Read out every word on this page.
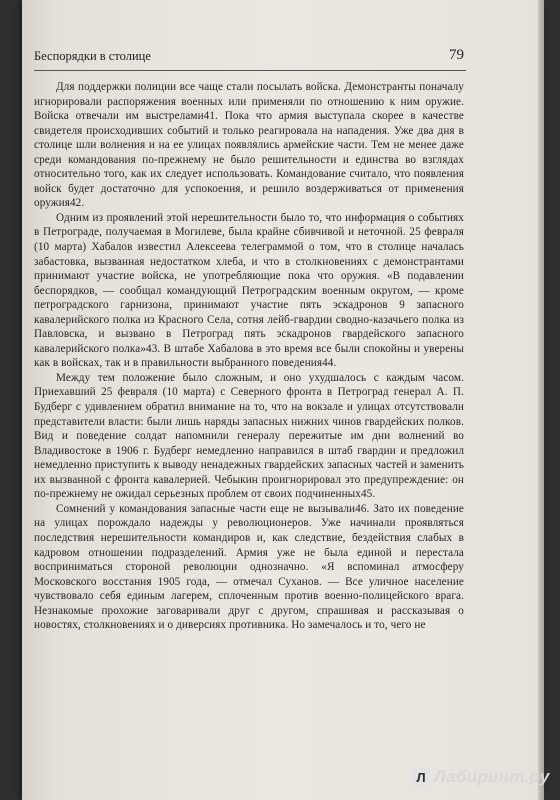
Беспорядки в столице	79

Для поддержки полиции все чаще стали посылать войска. Демонстранты поначалу игнорировали распоряжения военных или применяли по отношению к ним оружие. Войска отвечали им выстрелами41. Пока что армия выступала скорее в качестве свидетеля происходивших событий и только реагировала на нападения. Уже два дня в столице шли волнения и на ее улицах появлялись армейские части. Тем не менее даже среди командования по-прежнему не было решительности и единства во взглядах относительно того, как их следует использовать. Командование считало, что появления войск будет достаточно для успокоения, и решило воздерживаться от применения оружия42.

Одним из проявлений этой нерешительности было то, что информация о событиях в Петрограде, получаемая в Могилеве, была крайне сбивчивой и неточной. 25 февраля (10 марта) Хабалов известил Алексеева телеграммой о том, что в столице началась забастовка, вызванная недостатком хлеба, и что в столкновениях с демонстрантами принимают участие войска, не употребляющие пока что оружия. «В подавлении беспорядков, — сообщал командующий Петроградским военным округом, — кроме петроградского гарнизона, принимают участие пять эскадронов 9 запасного кавалерийского полка из Красного Села, сотня лейб-гвардии сводно-казачьего полка из Павловска, и вызвано в Петроград пять эскадронов гвардейского запасного кавалерийского полка»43. В штабе Хабалова в это время все были спокойны и уверены как в войсках, так и в правильности выбранного поведения44.

Между тем положение было сложным, и оно ухудшалось с каждым часом. Приехавший 25 февраля (10 марта) с Северного фронта в Петроград генерал А. П. Будберг с удивлением обратил внимание на то, что на вокзале и улицах отсутствовали представители власти: были лишь наряды запасных нижних чинов гвардейских полков. Вид и поведение солдат напомнили генералу пережитые им дни волнений во Владивостоке в 1906 г. Будберг немедленно направился в штаб гвардии и предложил немедленно приступить к выводу ненадежных гвардейских запасных частей и заменить их вызванной с фронта кавалерией. Чебыкин проигнорировал это предупреждение: он по-прежнему не ожидал серьезных проблем от своих подчиненных45.

Сомнений у командования запасные части еще не вызывали46. Зато их поведение на улицах порождало надежды у революционеров. Уже начинали проявляться последствия нерешительности командиров и, как следствие, бездействия слабых в кадровом отношении подразделений. Армия уже не была единой и перестала восприниматься стороной революции однозначно. «Я вспоминал атмосферу Московского восстания 1905 года, — отмечал Суханов. — Все уличное население чувствовало себя единым лагерем, сплоченным против военно-полицейского врага. Незнакомые прохожие заговаривали друг с другом, спрашивая и рассказывая о новостях, столкновениях и о диверсиях противника. Но замечалось и то, чего не

Л Лабиринт.ру
